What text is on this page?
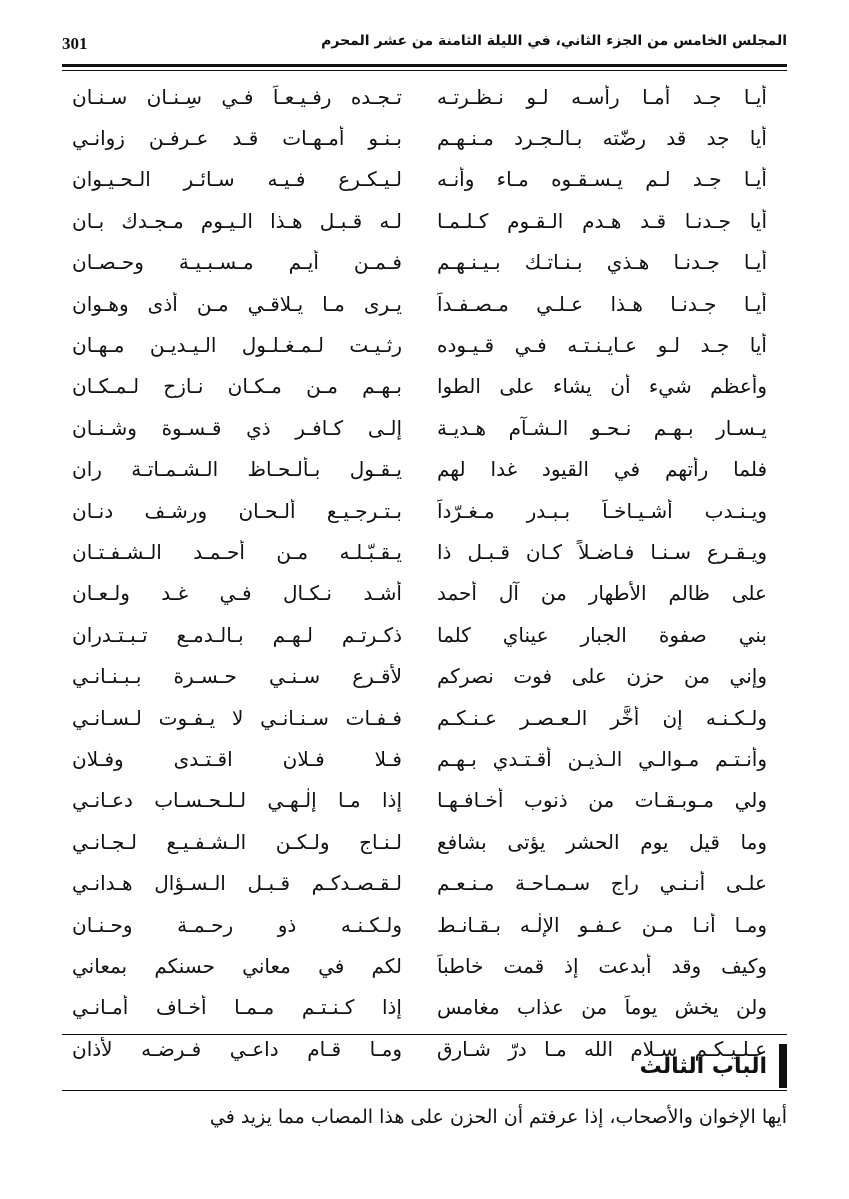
301	المجلس الخامس من الجزء الثاني، في الليلة الثامنة من عشر المحرم
أيـا جـد أمـا رأسـه لـو نـظـرتـه
تـجـده رفـيـعـاً فـي سِـنـان سـنـان
أيا جد قد رضّته بـالـجـرد مـنـهـم
بـنـو أمـهـات قـد عـرفـن زوانـي
أيـا جـد لـم يـسـقـوه مـاء وأنـه
لـيـكـرع فـيـه سـائـر الـحـيـوان
أيا جـدنـا قـد هـدم الـقـوم كـلـمـا
لـه قـبـل هـذا الـيـوم مـجـدك بـان
أيـا جـدنـا هـذي بـنـاتـك بـيـنـهـم
فـمـن أيـم مـسـبـيـة وحـصـان
أيـا جـدنـا هـذا عـلـي مـصـفـداً
يـرى مـا يـلاقـي مـن أذى وهـوان
أيا جـد لـو عـايـنـتـه فـي قـيـوده
رثـيـت لـمـغـلـول الـيـديـن مـهـان
وأعظم شيء أن يشاء على الطوا
بـهـم مـن مـكـان نـازح لـمـكـان
يـسـار بـهـم نـحـو الـشـآم هـديـة
إلـى كـافـر ذي قـسـوة وشـنـان
فلما رأتهم في القيود غدا لهم
يـقـول بـألـحـاظ الـشـمـاتـة ران
ويـنـدب أشـيـاخـاً بـبـدر مـغـرّداً
بـتـرجـيـع ألـحـان ورشـف دنـان
ويـقـرع سـنـا فـاضـلاً كـان قـبـل ذا
يـقـبّـلـه مـن أحـمـد الـشـفـتـان
على ظالم الأطهار من آل أحمد
أشـد نـكـال فـي غـد ولـعـان
بني صفوة الجبار عيناي كلما
ذكـرتـم لـهـم بـالـدمـع تـبـتـدران
وإني من حزن على فوت نصركم
لأقـرع سـنـي حـسـرة بـبـنـانـي
ولـكـنـه إن أخَّر الـعـصـر عـنـكـم
فـفـات سـنـانـي لا يـفـوت لـسـانـي
وأنـتـم مـوالـي الـذيـن أقـتـدي بـهـم
فـلا فـلان اقـتـدى وفـلان
ولي مـوبـقـات من ذنوب أخـافـهـا
إذا مـا إلٰـهـي لـلـحـسـاب دعـانـي
وما قيل يوم الحشر يؤتى بشافع
لـنـاج ولـكـن الـشـفـيـع لـجـانـي
علـى أنـنـي راج سـمـاحـة مـنـعـم
لـقـصـدكـم قـبـل الـسـؤال هـدانـي
ومـا أنـا مـن عـفـو الإلٰـه بـقـانـط
ولـكـنـه ذو رحـمـة وحـنـان
وكيف وقد أبدعت إذ قمت خاطباً
لكم في معاني حسنكم بمعاني
ولن يخش يوماً من عذاب مغامس
إذا كـنـتـم مـمـا أخـاف أمـانـي
عـلـيـكـم سـلام الله مـا درّ شـارق
ومـا قـام داعـي فـرضـه لأذان
الباب الثالث
أيها الإخوان والأصحاب، إذا عرفتم أن الحزن على هذا المصاب مما يزيد في
